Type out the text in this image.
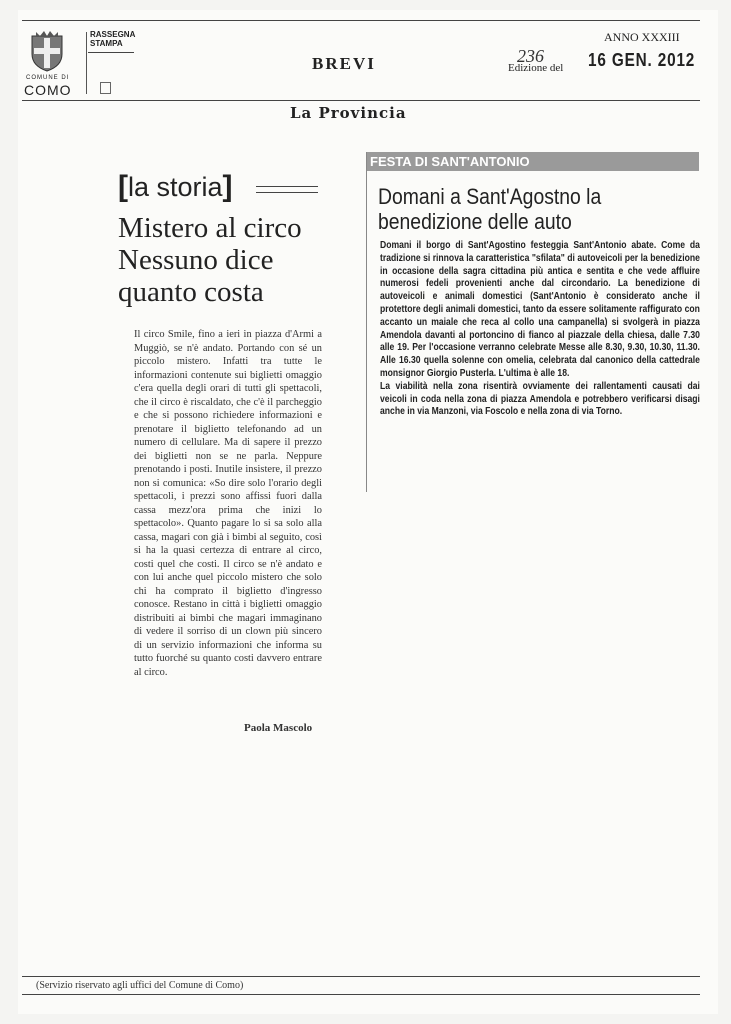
RASSEGNA
STAMPA
COMUNE DI
COMO
BREVI
ANNO XXXIII
236
Edizione del 16 GEN. 2012
La Provincia
[la storia]
Mistero al circo Nessuno dice quanto costa
Il circo Smile, fino a ieri in piazza d'Armi a Muggiò, se n'è andato. Portando con sé un piccolo mistero. Infatti tra tutte le informazioni contenute sui biglietti omaggio c'era quella degli orari di tutti gli spettacoli, che il circo è riscaldato, che c'è il parcheggio e che si possono richiedere informazioni e prenotare il biglietto telefonando ad un numero di cellulare. Ma di sapere il prezzo dei biglietti non se ne parla. Neppure prenotando i posti. Inutile insistere, il prezzo non si comunica: «So dire solo l'orario degli spettacoli, i prezzi sono affissi fuori dalla cassa mezz'ora prima che inizi lo spettacolo». Quanto pagare lo si sa solo alla cassa, magari con già i bimbi al seguito, così si ha la quasi certezza di entrare al circo, costi quel che costi. Il circo se n'è andato e con lui anche quel piccolo mistero che solo chi ha comprato il biglietto d'ingresso conosce. Restano in città i biglietti omaggio distribuiti ai bimbi che magari immaginano di vedere il sorriso di un clown più sincero di un servizio informazioni che informa su tutto fuorché su quanto costi davvero entrare al circo.
Paola Mascolo
FESTA DI SANT'ANTONIO
Domani a Sant'Agostno la benedizione delle auto

Domani il borgo di Sant'Agostino festeggia Sant'Antonio abate. Come da tradizione si rinnova la caratteristica "sfilata" di autoveicoli per la benedizione in occasione della sagra cittadina più antica e sentita e che vede affluire numerosi fedeli provenienti anche dal circondario. La benedizione di autoveicoli e animali domestici (Sant'Antonio è considerato anche il protettore degli animali domestici, tanto da essere solitamente raffigurato con accanto un maiale che reca al collo una campanella) si svolgerà in piazza Amendola davanti al portoncino di fianco al piazzale della chiesa, dalle 7.30 alle 19. Per l'occasione verranno celebrate Messe alle 8.30, 9.30, 10.30, 11.30. Alle 16.30 quella solenne con omelia, celebrata dal canonico della cattedrale monsignor Giorgio Pusterla. L'ultima è alle 18.

La viabilità nella zona risentirà ovviamente dei rallentamenti causati dai veicoli in coda nella zona di piazza Amendola e potrebbero verificarsi disagi anche in via Manzoni, via Foscolo e nella zona di via Torno.

(Servizio riservato agli uffici del Comune di Como)
